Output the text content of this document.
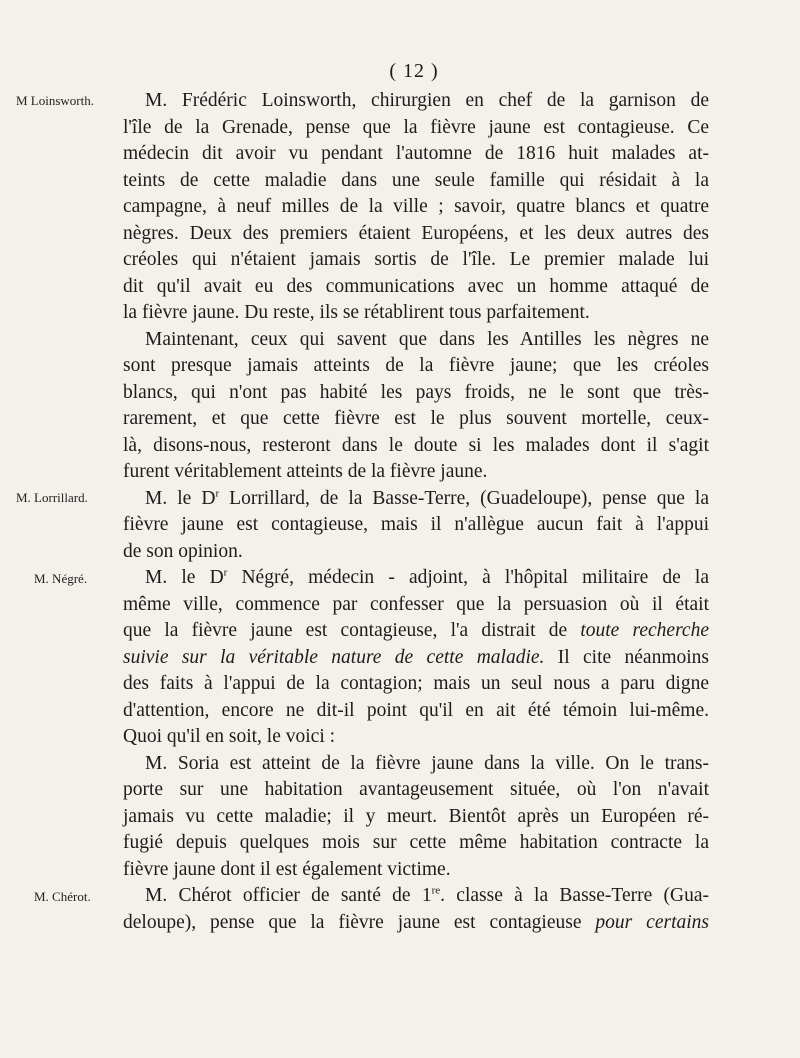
( 12 )
M Loinsworth.
M. Lorrillard.
M. Négré.
M. Chérot.
M. Frédéric Loinsworth, chirurgien en chef de la garnison de
l'île de la Grenade, pense que la fièvre jaune est contagieuse. Ce
médecin dit avoir vu pendant l'automne de 1816 huit malades at-
teints de cette maladie dans une seule famille qui résidait à la
campagne, à neuf milles de la ville ; savoir, quatre blancs et quatre
nègres. Deux des premiers étaient Européens, et les deux autres des
créoles qui n'étaient jamais sortis de l'île. Le premier malade lui
dit qu'il avait eu des communications avec un homme attaqué de
la fièvre jaune. Du reste, ils se rétablirent tous parfaitement.
Maintenant, ceux qui savent que dans les Antilles les nègres ne
sont presque jamais atteints de la fièvre jaune; que les créoles
blancs, qui n'ont pas habité les pays froids, ne le sont que très-
rarement, et que cette fièvre est le plus souvent mortelle, ceux-
là, disons-nous, resteront dans le doute si les malades dont il s'agit
furent véritablement atteints de la fièvre jaune.
M. le $D^r$ Lorrillard, de la Basse-Terre, (Guadeloupe), pense que la
fièvre jaune est contagieuse, mais il n'allègue aucun fait à l'appui
de son opinion.
M. le $D^r$ Négré, médecin - adjoint, à l'hôpital militaire de la
même ville, commence par confesser que la persuasion où il était
que la fièvre jaune est contagieuse, l'a distrait de toute recherche
suivie sur la véritable nature de cette maladie. Il cite néanmoins
des faits à l'appui de la contagion; mais un seul nous a paru digne
d'attention, encore ne dit-il point qu'il en ait été témoin lui-même.
Quoi qu'il en soit, le voici :
M. Soria est atteint de la fièvre jaune dans la ville. On le trans-
porte sur une habitation avantageusement située, où l'on n'avait
jamais vu cette maladie; il y meurt. Bientôt après un Européen ré-
fugié depuis quelques mois sur cette même habitation contracte la
fièvre jaune dont il est également victime.
M. Chérot officier de santé de 1re. classe à la Basse-Terre (Gua-
deloupe), pense que la fièvre jaune est contagieuse pour certains
